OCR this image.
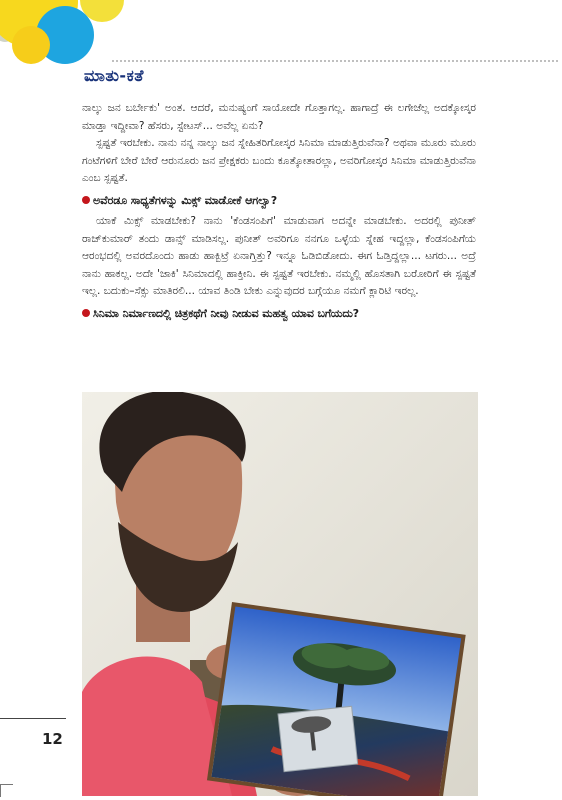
ಮಾತು-ಕತೆ

ನಾಲ್ಕು ಜನ ಬರ್ಬೇಕು' ಅಂತ. ಆದರೆ, ಮನುಷ್ಯಂಗೆ ಸಾಯೋದೇ ಗೊತ್ತಾಗಲ್ಲ. ಹಾಗಾದ್ರೆ ಈ ಲಗೇಜೆಲ್ಲ ಅದಕ್ಕೋಸ್ಕರ ಮಾಡ್ತಾ ಇದ್ದೀವಾ? ಹೆಸರು, ಸ್ಟೇಟಸ್... ಅವೆಲ್ಲ ಏನು?

ಸ್ಪಷ್ಟತೆ ಇರಬೇಕು. ನಾನು ನನ್ನ ನಾಲ್ಕು ಜನ ಸ್ನೇಹಿತರಿಗೋಸ್ಕರ ಸಿನಿಮಾ ಮಾಡುತ್ತಿರುವೆನಾ? ಅಥವಾ ಮೂರು ಮೂರು ಗಂಟೆಗಳಿಗೆ ಬೇರೆ ಬೇರೆ ಆರುನೂರು ಜನ ಪ್ರೇಕ್ಷಕರು ಬಂದು ಕೂತ್ಕೋತಾರಲ್ಲಾ, ಅವರಿಗೋಸ್ಕರ ಸಿನಿಮಾ ಮಾಡುತ್ತಿರುವೆನಾ ಎಂಬ ಸ್ಪಷ್ಟತೆ.

ಅವೆರಡೂ ಸಾಧ್ಯತೆಗಳನ್ನು ಮಿಕ್ಸ್ ಮಾಡೋಕೆ ಆಗಲ್ವಾ?

ಯಾಕೆ ಮಿಕ್ಸ್ ಮಾಡಬೇಕು? ನಾನು 'ಕೆಂಡಸಂಪಿಗೆ' ಮಾಡುವಾಗ ಅದನ್ನೇ ಮಾಡಬೇಕು. ಅದರಲ್ಲಿ ಪುನೀತ್ ರಾಜ್‌ಕುಮಾರ್ ತಂದು ಡಾನ್ಸ್ ಮಾಡಿಸಲ್ಲ. ಪುನೀತ್ ಅವರಿಗೂ ನನಗೂ ಒಳ್ಳೆಯ ಸ್ನೇಹ ಇದ್ದಲ್ಲಾ, ಕೆಂಡಸಂಪಿಗೆಯ ಆರಂಭದಲ್ಲಿ ಅವರದೊಂದು ಹಾಡು ಹಾಕ್ಬಿಟ್ರೆ ಏನಾಗ್ತಿತ್ತು? ಇನ್ನೂ ಓಡಿಬಿಡೋದು. ಈಗ ಓಡ್ತಿದ್ದಲ್ಲಾ... ಟಗರು... ಅದ್ರೆ ನಾನು ಹಾಕಲ್ಲ. ಅದೇ 'ಜಾಕಿ' ಸಿನಿಮಾದಲ್ಲಿ ಹಾಕ್ತೀನಿ. ಈ ಸ್ಪಷ್ಟತೆ ಇರಬೇಕು. ನಮ್ಮಲ್ಲಿ ಹೊಸತಾಗಿ ಬರೋರಿಗೆ ಈ ಸ್ಪಷ್ಟತೆ ಇಲ್ಲ. ಬದುಕು–ಸೆಕ್ಸು ಮಾತಿರಲಿ... ಯಾವ ತಿಂಡಿ ಬೇಕು ಎನ್ನುವುದರ ಬಗ್ಗೆಯೂ ನಮಗೆ ಕ್ಲಾರಿಟಿ ಇರಲ್ಲ.

ಸಿನಿಮಾ ನಿರ್ಮಾಣದಲ್ಲಿ ಚಿತ್ರಕಥೆಗೆ ನೀವು ನೀಡುವ ಮಹತ್ವ ಯಾವ ಬಗೆಯದು?

12
